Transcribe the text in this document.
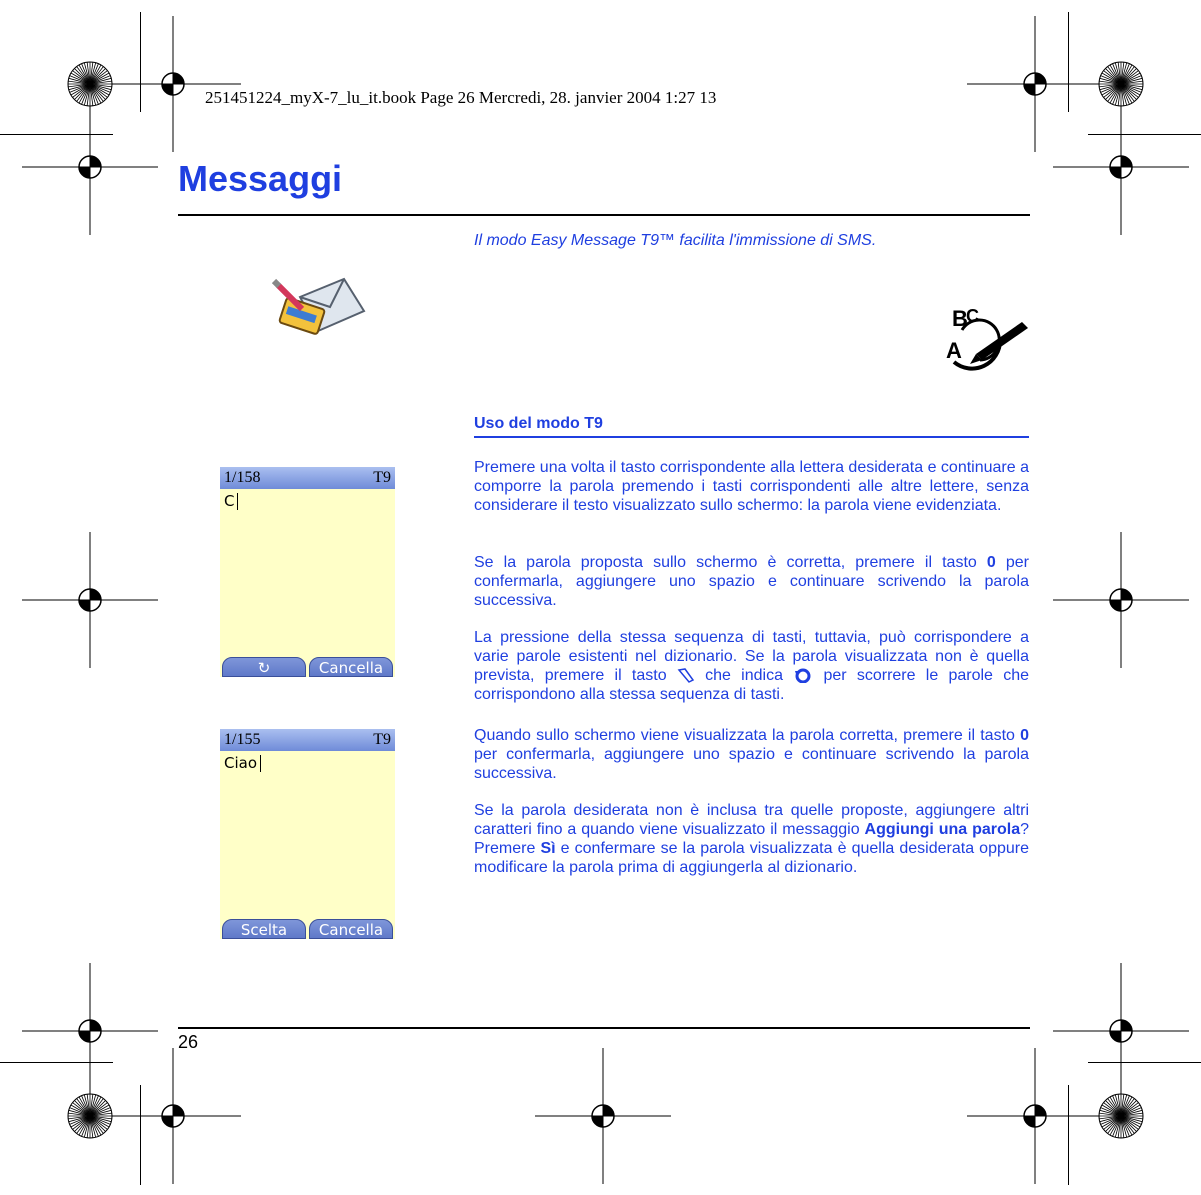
251451224_myX-7_lu_it.book Page 26 Mercredi, 28. janvier 2004 1:27 13
Messaggi
Il modo Easy Message T9™ facilita l'immissione di SMS.
B
C
A
Uso del modo T9
1/158	T9
C
↻	Cancella
1/155	T9
Ciao
Scelta	Cancella

Premere una volta il tasto corrispondente alla lettera desiderata e continuare a comporre la parola premendo i tasti corrispondenti alle altre lettere, senza considerare il testo visualizzato sullo schermo: la parola viene evidenziata.

Se la parola proposta sullo schermo è corretta, premere il tasto 0 per confermarla, aggiungere uno spazio e continuare scrivendo la parola successiva.

La pressione della stessa sequenza di tasti, tuttavia, può corrispondere a varie parole esistenti nel dizionario. Se la parola visualizzata non è quella prevista, premere il tasto  che indica  per scorrere le parole che corrispondono alla stessa sequenza di tasti.

Quando sullo schermo viene visualizzata la parola corretta, premere il tasto 0 per confermarla, aggiungere uno spazio e continuare scrivendo la parola successiva.

Se la parola desiderata non è inclusa tra quelle proposte, aggiungere altri caratteri fino a quando viene visualizzato il messaggio Aggiungi una parola? Premere Sì e confermare se la parola visualizzata è quella desiderata oppure modificare la parola prima di aggiungerla al dizionario.

26
